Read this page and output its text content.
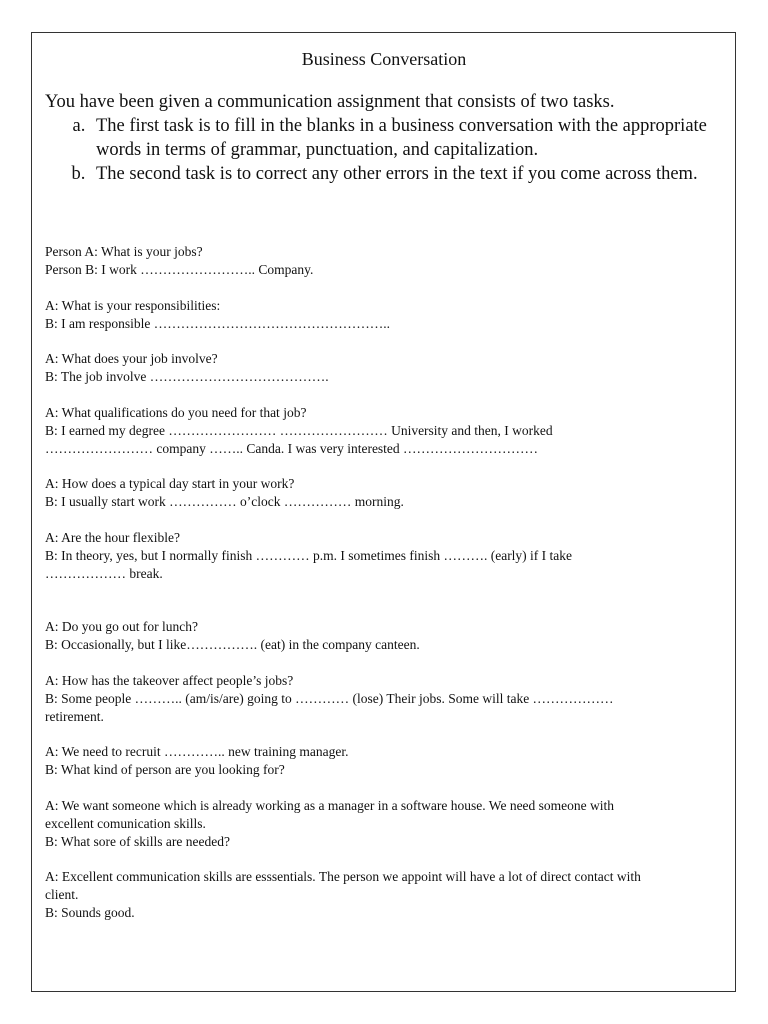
Business Conversation

You have been given a communication assignment that consists of two tasks.

a. The first task is to fill in the blanks in a business conversation with the appropriate words in terms of grammar, punctuation, and capitalization.
b. The second task is to correct any other errors in the text if you come across them.
Person A: What is your jobs?
Person B: I work …………………….. Company.
A: What is your responsibilities:
B: I am responsible ……………………………………………..
A: What does your job involve?
B: The job involve ………………………………….
A: What qualifications do you need for that job?
B: I earned my degree …………………… …………………… University and then, I worked
…………………… company …….. Canda. I was very interested …………………………
A: How does a typical day start in your work?
B: I usually start work …………… o’clock …………… morning.
A: Are the hour flexible?
B: In theory, yes, but I normally finish ………… p.m. I sometimes finish ………. (early) if I take
……………… break.
A: Do you go out for lunch?
B: Occasionally, but I like……………. (eat) in the company canteen.
A: How has the takeover affect people’s jobs?
B: Some people ……….. (am/is/are) going to ………… (lose) Their jobs. Some will take ………………
retirement.
A: We need to recruit ………….. new training manager.
B: What kind of person are you looking for?
A: We want someone which is already working as a manager in a software house. We need someone with
excellent comunication skills.
B: What sore of skills are needed?
A: Excellent communication skills are esssentials. The person we appoint will have a lot of direct contact with
client.
B: Sounds good.
